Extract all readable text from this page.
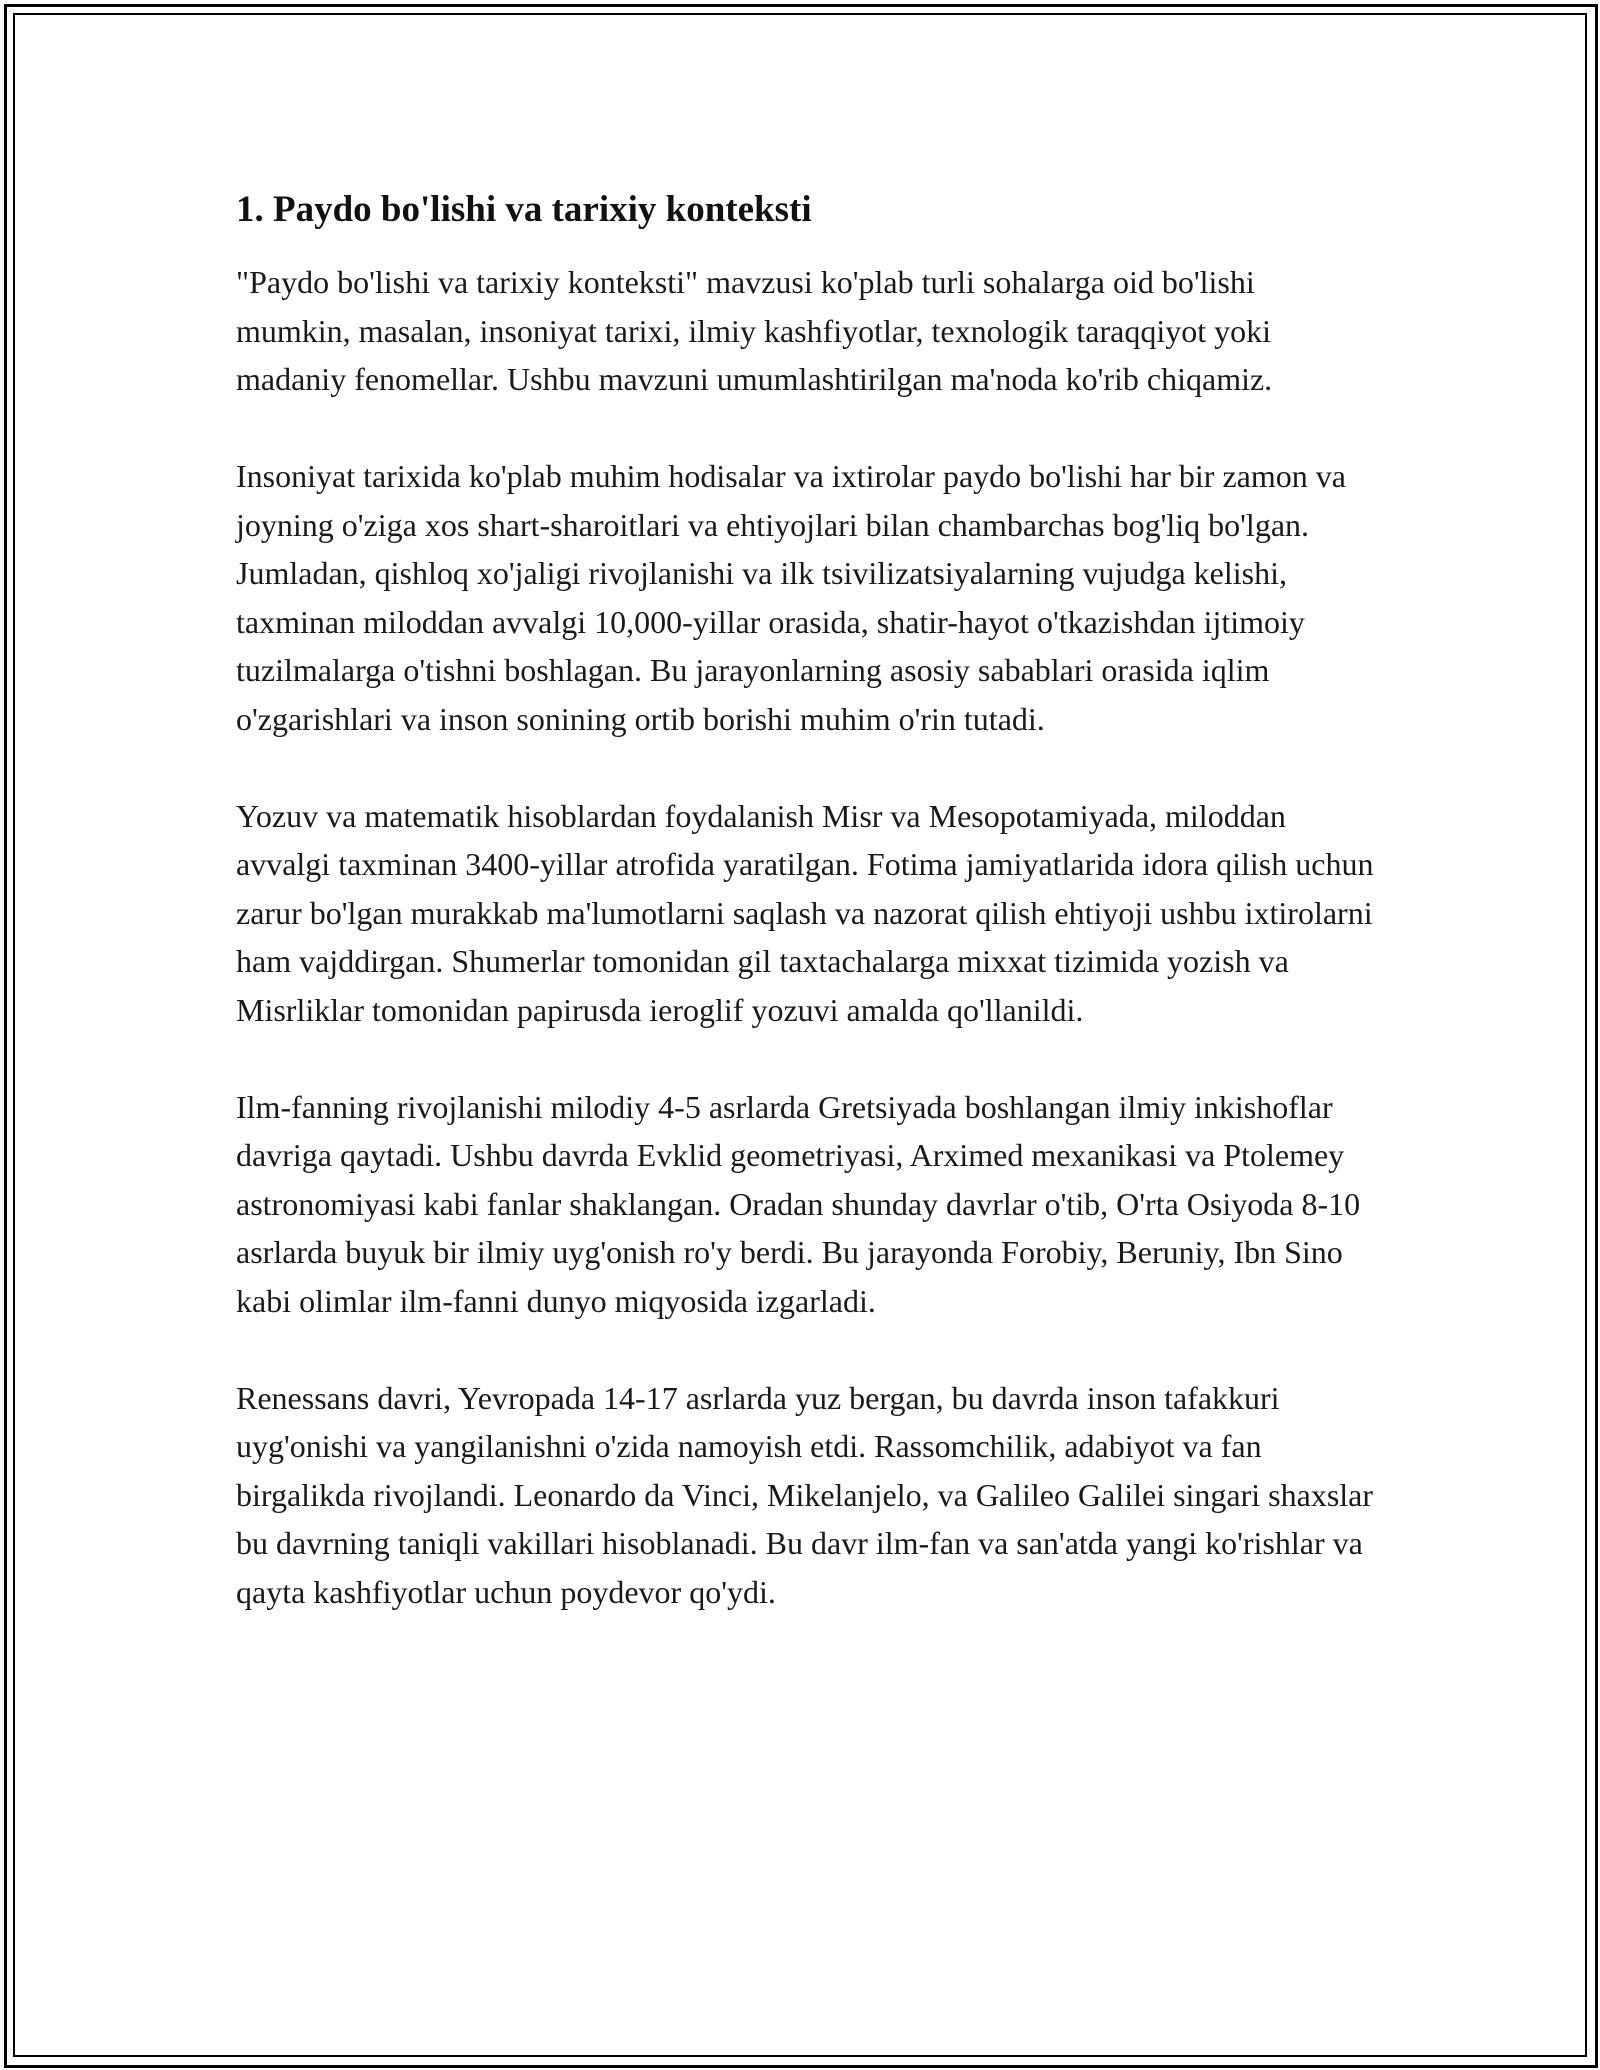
1. Paydo bo'lishi va tarixiy konteksti

"Paydo bo'lishi va tarixiy konteksti" mavzusi ko'plab turli sohalarga oid bo'lishi mumkin, masalan, insoniyat tarixi, ilmiy kashfiyotlar, texnologik taraqqiyot yoki madaniy fenomellar. Ushbu mavzuni umumlashtirilgan ma'noda ko'rib chiqamiz.

Insoniyat tarixida ko'plab muhim hodisalar va ixtirolar paydo bo'lishi har bir zamon va joyning o'ziga xos shart-sharoitlari va ehtiyojlari bilan chambarchas bog'liq bo'lgan. Jumladan, qishloq xo'jaligi rivojlanishi va ilk tsivilizatsiyalarning vujudga kelishi, taxminan miloddan avvalgi 10,000-yillar orasida, shatir-hayot o'tkazishdan ijtimoiy tuzilmalarga o'tishni boshlagan. Bu jarayonlarning asosiy sabablari orasida iqlim o'zgarishlari va inson sonining ortib borishi muhim o'rin tutadi.

Yozuv va matematik hisoblardan foydalanish Misr va Mesopotamiyada, miloddan avvalgi taxminan 3400-yillar atrofida yaratilgan. Fotima jamiyatlarida idora qilish uchun zarur bo'lgan murakkab ma'lumotlarni saqlash va nazorat qilish ehtiyoji ushbu ixtirolarni ham vajddirgan. Shumerlar tomonidan gil taxtachalarga mixxat tizimida yozish va Misrliklar tomonidan papirusda ieroglif yozuvi amalda qo'llanildi.

Ilm-fanning rivojlanishi milodiy 4-5 asrlarda Gretsiyada boshlangan ilmiy inkishoflar davriga qaytadi. Ushbu davrda Evklid geometriyasi, Arximed mexanikasi va Ptolemey astronomiyasi kabi fanlar shaklangan. Oradan shunday davrlar o'tib, O'rta Osiyoda 8-10 asrlarda buyuk bir ilmiy uyg'onish ro'y berdi. Bu jarayonda Forobiy, Beruniy, Ibn Sino kabi olimlar ilm-fanni dunyo miqyosida izgarladi.

Renessans davri, Yevropada 14-17 asrlarda yuz bergan, bu davrda inson tafakkuri uyg'onishi va yangilanishni o'zida namoyish etdi. Rassomchilik, adabiyot va fan birgalikda rivojlandi. Leonardo da Vinci, Mikelanjelo, va Galileo Galilei singari shaxslar bu davrning taniqli vakillari hisoblanadi. Bu davr ilm-fan va san'atda yangi ko'rishlar va qayta kashfiyotlar uchun poydevor qo'ydi.
